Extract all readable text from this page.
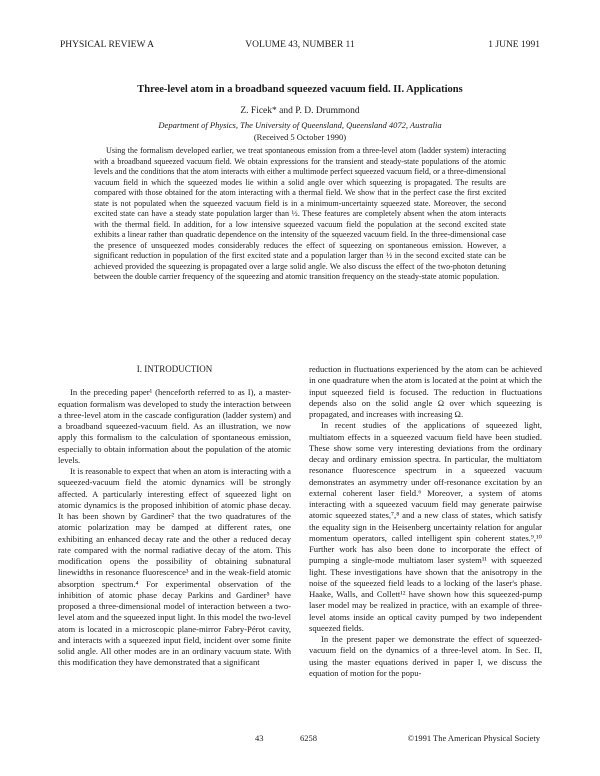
PHYSICAL REVIEW A	VOLUME 43, NUMBER 11	1 JUNE 1991
Three-level atom in a broadband squeezed vacuum field. II. Applications
Z. Ficek* and P. D. Drummond
Department of Physics, The University of Queensland, Queensland 4072, Australia
(Received 5 October 1990)
Using the formalism developed earlier, we treat spontaneous emission from a three-level atom (ladder system) interacting with a broadband squeezed vacuum field. We obtain expressions for the transient and steady-state populations of the atomic levels and the conditions that the atom interacts with either a multimode perfect squeezed vacuum field, or a three-dimensional vacuum field in which the squeezed modes lie within a solid angle over which squeezing is propagated. The results are compared with those obtained for the atom interacting with a thermal field. We show that in the perfect case the first excited state is not populated when the squeezed vacuum field is in a minimum-uncertainty squeezed state. Moreover, the second excited state can have a steady state population larger than ½. These features are completely absent when the atom interacts with the thermal field. In addition, for a low intensive squeezed vacuum field the population at the second excited state exhibits a linear rather than quadratic dependence on the intensity of the squeezed vacuum field. In the three-dimensional case the presence of unsqueezed modes considerably reduces the effect of squeezing on spontaneous emission. However, a significant reduction in population of the first excited state and a population larger than ½ in the second excited state can be achieved provided the squeezing is propagated over a large solid angle. We also discuss the effect of the two-photon detuning between the double carrier frequency of the squeezing and atomic transition frequency on the steady-state atomic population.
I. INTRODUCTION

In the preceding paper¹ (henceforth referred to as I), a master-equation formalism was developed to study the interaction between a three-level atom in the cascade configuration (ladder system) and a broadband squeezed-vacuum field. As an illustration, we now apply this formalism to the calculation of spontaneous emission, especially to obtain information about the population of the atomic levels.

It is reasonable to expect that when an atom is interacting with a squeezed-vacuum field the atomic dynamics will be strongly affected. A particularly interesting effect of squeezed light on atomic dynamics is the proposed inhibition of atomic phase decay. It has been shown by Gardiner² that the two quadratures of the atomic polarization may be damped at different rates, one exhibiting an enhanced decay rate and the other a reduced decay rate compared with the normal radiative decay of the atom. This modification opens the possibility of obtaining subnatural linewidths in resonance fluorescence³ and in the weak-field atomic absorption spectrum.⁴ For experimental observation of the inhibition of atomic phase decay Parkins and Gardiner⁵ have proposed a three-dimensional model of interaction between a two-level atom and the squeezed input light. In this model the two-level atom is located in a microscopic plane-mirror Fabry-Pérot cavity, and interacts with a squeezed input field, incident over some finite solid angle. All other modes are in an ordinary vacuum state. With this modification they have demonstrated that a significant

reduction in fluctuations experienced by the atom can be achieved in one quadrature when the atom is located at the point at which the input squeezed field is focused. The reduction in fluctuations depends also on the solid angle Ω over which squeezing is propagated, and increases with increasing Ω.

In recent studies of the applications of squeezed light, multiatom effects in a squeezed vacuum field have been studied. These show some very interesting deviations from the ordinary decay and ordinary emission spectra. In particular, the multiatom resonance fluorescence spectrum in a squeezed vacuum demonstrates an asymmetry under off-resonance excitation by an external coherent laser field.⁶ Moreover, a system of atoms interacting with a squeezed vacuum field may generate pairwise atomic squeezed states,⁷,⁸ and a new class of states, which satisfy the equality sign in the Heisenberg uncertainty relation for angular momentum operators, called intelligent spin coherent states.⁹,¹⁰ Further work has also been done to incorporate the effect of pumping a single-mode multiatom laser system¹¹ with squeezed light. These investigations have shown that the anisotropy in the noise of the squeezed field leads to a locking of the laser's phase. Haake, Walls, and Collett¹² have shown how this squeezed-pump laser model may be realized in practice, with an example of three-level atoms inside an optical cavity pumped by two independent squeezed fields.

In the present paper we demonstrate the effect of squeezed-vacuum field on the dynamics of a three-level atom. In Sec. II, using the master equations derived in paper I, we discuss the equation of motion for the popu-

43	6258	©1991 The American Physical Society
